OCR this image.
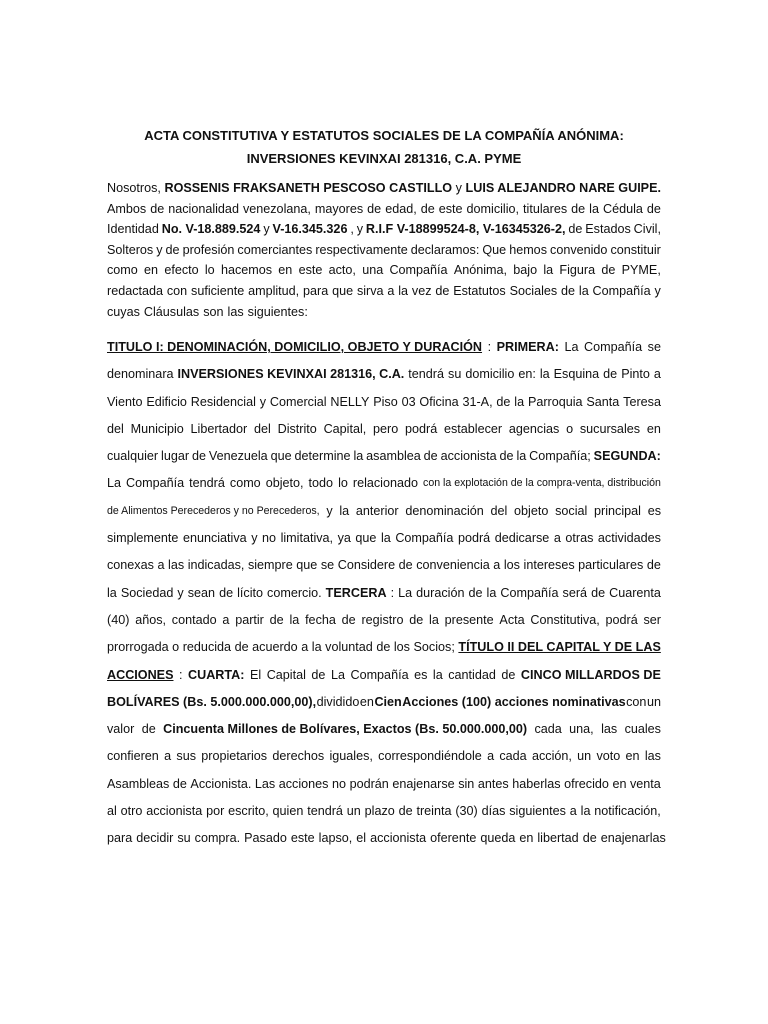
ACTA CONSTITUTIVA Y ESTATUTOS SOCIALES DE LA COMPAÑÍA ANÓNIMA:
INVERSIONES KEVINXAI 281316, C.A. PYME
Nosotros, ROSSENIS FRAKSANETH PESCOSO CASTILLO y LUIS ALEJANDRO NARE GUIPE.
Ambos de nacionalidad venezolana, mayores de edad, de este domicilio, titulares de la Cédula de
Identidad No. V-18.889.524 y V-16.345.326 , y R.I.F V-18899524-8, V-16345326-2, de Estados Civil,
Solteros y de profesión comerciantes respectivamente declaramos: Que hemos convenido constituir
como en efecto lo hacemos en este acto, una Compañía Anónima, bajo la Figura de PYME,
redactada con suficiente amplitud, para que sirva a la vez de Estatutos Sociales de la Compañía y
cuyas Cláusulas son las siguientes:
TITULO I: DENOMINACIÓN, DOMICILIO, OBJETO Y DURACIÓN : PRIMERA: La Compañía se
denominara INVERSIONES KEVINXAI 281316, C.A. tendrá su domicilio en: la Esquina de Pinto a
Viento Edificio Residencial y Comercial NELLY Piso 03 Oficina 31-A, de la Parroquia Santa Teresa
del Municipio Libertador del Distrito Capital, pero podrá establecer agencias o sucursales en
cualquier lugar de Venezuela que determine la asamblea de accionista de la Compañía; SEGUNDA:
La Compañía tendrá como objeto, todo lo relacionado con la explotación de la compra-venta, distribución
de Alimentos Perecederos y no Perecederos, y la anterior denominación del objeto social principal es
simplemente enunciativa y no limitativa, ya que la Compañía podrá dedicarse a otras actividades
conexas a las indicadas, siempre que se Considere de conveniencia a los intereses particulares de
la Sociedad y sean de lícito comercio. TERCERA : La duración de la Compañía será de Cuarenta
(40) años, contado a partir de la fecha de registro de la presente Acta Constitutiva, podrá ser
prorrogada o reducida de acuerdo a la voluntad de los Socios; TÍTULO II DEL CAPITAL Y DE LAS
ACCIONES : CUARTA: El Capital de La Compañía es la cantidad de CINCO MILLARDOS DE
BOLÍVARES (Bs. 5.000.000.000,00), dividido en Cien Acciones (100) acciones nominativas con un
valor de Cincuenta Millones de Bolívares, Exactos (Bs. 50.000.000,00) cada una, las cuales
confieren a sus propietarios derechos iguales, correspondiéndole a cada acción, un voto en las
Asambleas de Accionista. Las acciones no podrán enajenarse sin antes haberlas ofrecido en venta
al otro accionista por escrito, quien tendrá un plazo de treinta (30) días siguientes a la notificación,
para decidir su compra. Pasado este lapso, el accionista oferente queda en libertad de enajenarlas
